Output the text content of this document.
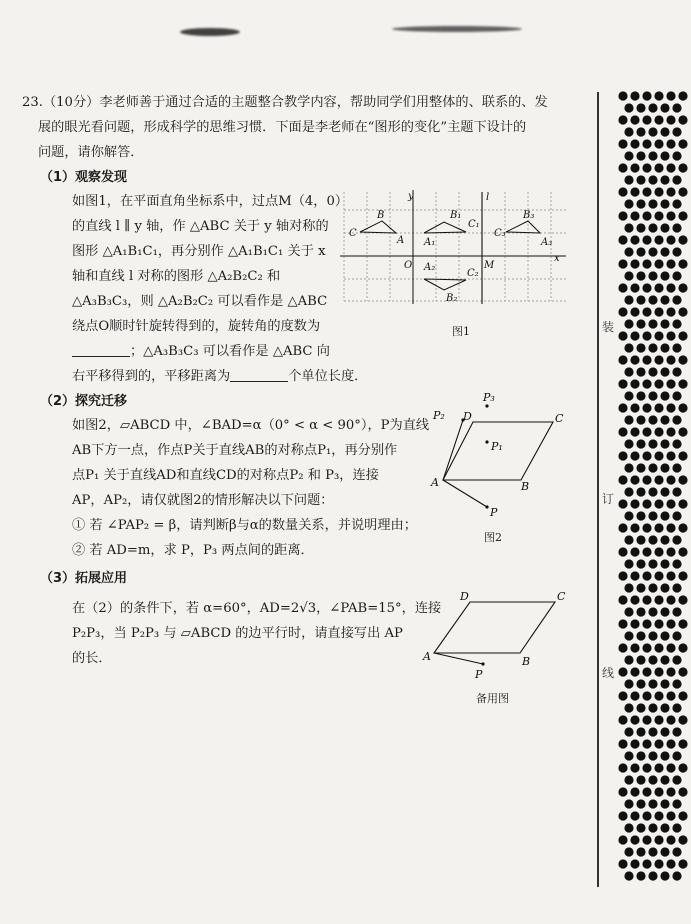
23.（10分）李老师善于通过合适的主题整合教学内容，帮助同学们用整体的、联系的、发
展的眼光看问题，形成科学的思维习惯．下面是李老师在“图形的变化”主题下设计的
问题，请你解答．
（1）观察发现
如图1，在平面直角坐标系中，过点M（4，0）
的直线 l ∥ y 轴，作 △ABC 关于 y 轴对称的
图形 △A₁B₁C₁，再分别作 △A₁B₁C₁ 关于 x
轴和直线 l 对称的图形 △A₂B₂C₂ 和
△A₃B₃C₃，则 △A₂B₂C₂ 可以看作是 △ABC
绕点O顺时针旋转得到的，旋转角的度数为
；△A₃B₃C₃ 可以看作是 △ABC 向
右平移得到的，平移距离为	个单位长度．
y
x
O	M
l
B
C
A
B₁
C₁
A₁
A₂
C₂
B₂
B₃
C₃
A₃
图1
（2）探究迁移
如图2，▱ABCD 中，∠BAD=α（0° < α < 90°），P为直线
AB下方一点，作点P关于直线AB的对称点P₁，再分别作
点P₁ 关于直线AD和直线CD的对称点P₂ 和 P₃，连接
AP，AP₂，请仅就图2的情形解决以下问题：
① 若 ∠PAP₂ = β，请判断β与α的数量关系，并说明理由；
② 若 AD=m，求 P，P₃ 两点间的距离．
P₂
P₃
P₁
P
A	B
C
D
图2
（3）拓展应用
在（2）的条件下，若 α=60°，AD=2√3，∠PAB=15°，连接
P₂P₃，当 P₂P₃ 与 ▱ABCD 的边平行时，请直接写出 AP
的长．	A	B
C
D
P
备用图
装
订
线
